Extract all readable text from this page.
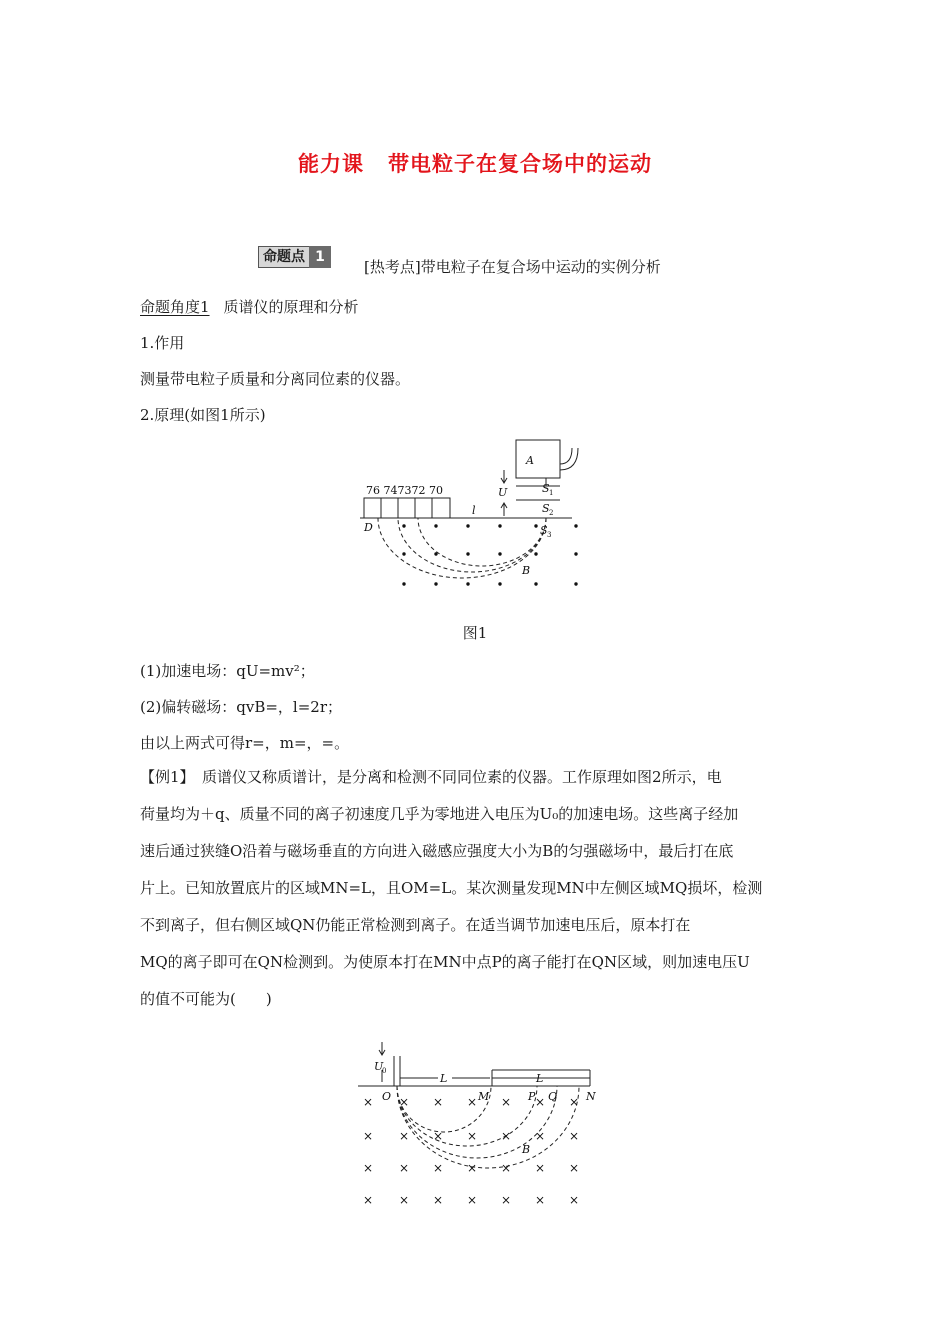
能力课 带电粒子在复合场中的运动
命题点 1
[热考点]带电粒子在复合场中运动的实例分析
命题角度1 质谱仪的原理和分析
1.作用
测量带电粒子质量和分离同位素的仪器。
2.原理(如图1所示)
76 747372 70
A
U	S 1
S 2
S 3
l
D
B
图1
(1)加速电场：qU=mv²；
(2)偏转磁场：qvB=，l=2r；
由以上两式可得r=，m=，=。

【例1】　质谱仪又称质谱计，是分离和检测不同同位素的仪器。工作原理如图2所示，电

荷量均为＋q、质量不同的离子初速度几乎为零地进入电压为U₀的加速电场。这些离子经加

速后通过狭缝O沿着与磁场垂直的方向进入磁感应强度大小为B的匀强磁场中，最后打在底

片上。已知放置底片的区域MN=L，且OM=L。某次测量发现MN中左侧区域MQ损坏，检测

不到离子，但右侧区域QN仍能正常检测到离子。在适当调节加速电压后，原本打在

MQ的离子即可在QN检测到。为使原本打在MN中点P的离子能打在QN区域，则加速电压U

的值不可能为(　　)

× × × × × × ×
× × × × × × ×
× × × × × × ×
× × × × × × ×
U
0
L	L
O	M	P Q	N
B
